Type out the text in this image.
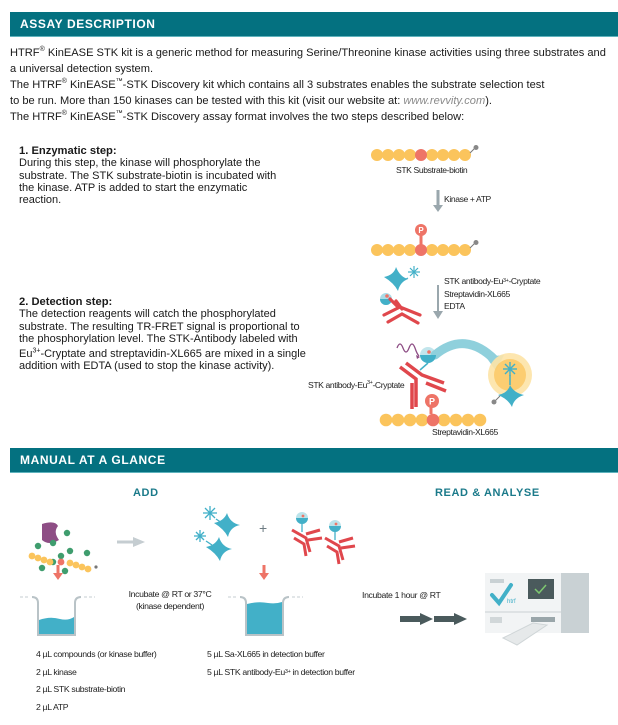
ASSAY DESCRIPTION
HTRF® KinEASE STK kit is a generic method for measuring Serine/Threonine kinase activities using three substrates and a universal detection system.
The HTRF® KinEASE™-STK Discovery kit which contains all 3 substrates enables the substrate selection test to be run. More than 150 kinases can be tested with this kit (visit our website at: www.revvity.com).
The HTRF® KinEASE™-STK Discovery assay format involves the two steps described below:
1. Enzymatic step:
During this step, the kinase will phosphorylate the substrate. The STK substrate-biotin is incubated with the kinase. ATP is added to start the enzymatic reaction.
2. Detection step:
The detection reagents will catch the phosphorylated substrate. The resulting TR-FRET signal is proportional to the phosphorylation level. The STK-Antibody labeled with $Eu^{3+}$-Cryptate and streptavidin-XL665 are mixed in a single addition with EDTA (used to stop the kinase activity).
STK Substrate-biotin
Kinase + ATP
P
STK antibody-$Eu^{3+}$-Cryptate
Streptavidin-XL665
EDTA
P
STK antibody-$Eu^{3+}$-Cryptate
Streptavidin-XL665
MANUAL AT A GLANCE
ADD	READ & ANALYSE
Incubate @ RT or 37°C
(kinase dependent)
+
Incubate 1 hour @ RT
htrf
4 µL compounds (or kinase buffer)
2 µL kinase
2 µL STK substrate-biotin
2 µL ATP
5 µL Sa-XL665 in detection buffer
5 µL STK antibody-$Eu^{3+}$ in detection buffer
